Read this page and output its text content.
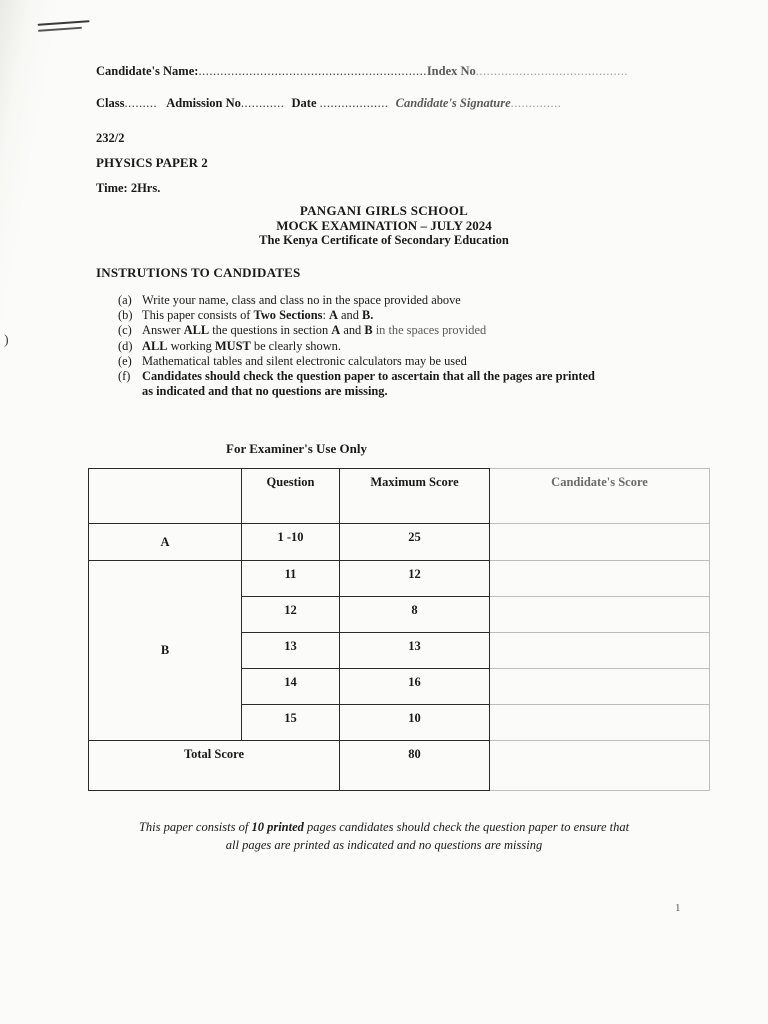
)
Candidate's Name:...............................................................Index No..........................................
Class......... Admission No............ Date ................... Candidate's Signature..............
232/2
PHYSICS PAPER 2
Time: 2Hrs.
PANGANI GIRLS SCHOOL
MOCK EXAMINATION – JULY 2024
The Kenya Certificate of Secondary Education
INSTRUTIONS TO CANDIDATES
(a) Write your name, class and class no in the space provided above
(b) This paper consists of Two Sections: A and B.
(c) Answer ALL the questions in section A and B in the spaces provided
(d) ALL working MUST be clearly shown.
(e) Mathematical tables and silent electronic calculators may be used
(f) Candidates should check the question paper to ascertain that all the pages are printed
as indicated and that no questions are missing.
For Examiner's Use Only
	Question	Maximum Score	Candidate's Score
A	1 -10	25	
B	11	12	
	12	8	
	13	13	
	14	16	
	15	10	
Total Score		80	
This paper consists of 10 printed pages candidates should check the question paper to ensure that
all pages are printed as indicated and no questions are missing
1
